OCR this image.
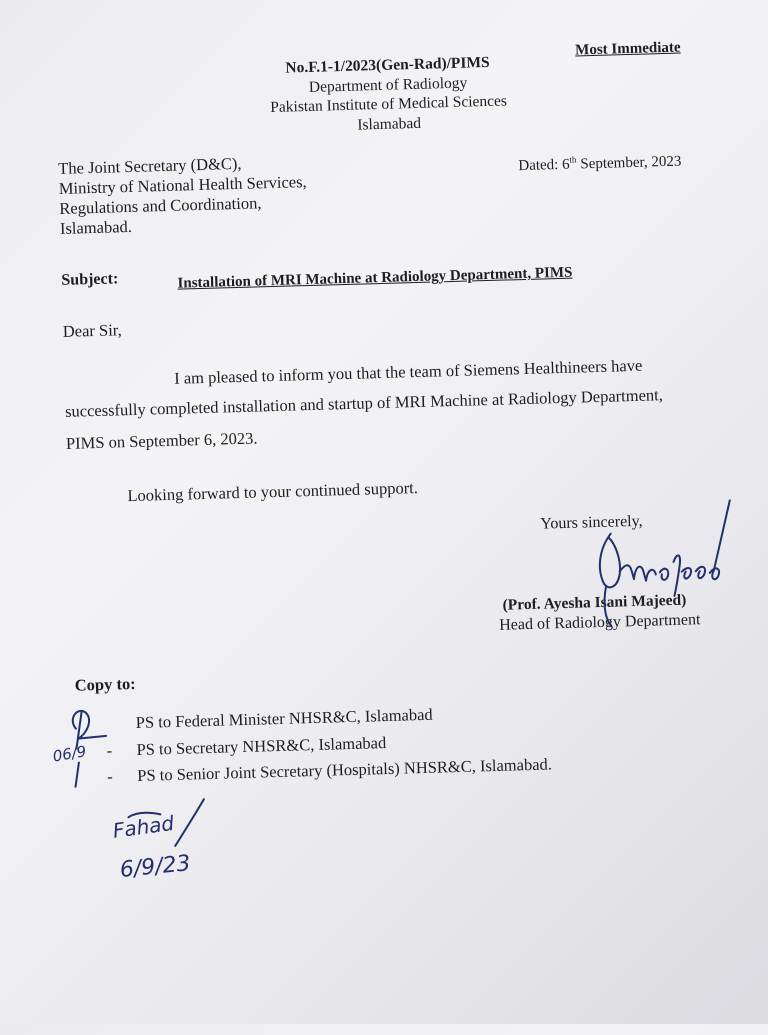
Most Immediate
No.F.1-1/2023(Gen-Rad)/PIMS
Department of Radiology
Pakistan Institute of Medical Sciences
Islamabad
The Joint Secretary (D&C),
Ministry of National Health Services,
Regulations and Coordination,
Islamabad.
Dated: 6th September, 2023
Subject:	Installation of MRI Machine at Radiology Department, PIMS
Dear Sir,
I am pleased to inform you that the team of Siemens Healthineers have
successfully completed installation and startup of MRI Machine at Radiology Department,
PIMS on September 6, 2023.
Looking forward to your continued support.
Yours sincerely,
(Prof. Ayesha Isani Majeed)
Head of Radiology Department
Copy to:
PS to Federal Minister NHSR&C, Islamabad
- PS to Secretary NHSR&C, Islamabad
- PS to Senior Joint Secretary (Hospitals) NHSR&C, Islamabad.
06/9
Fahad
6/9/23
